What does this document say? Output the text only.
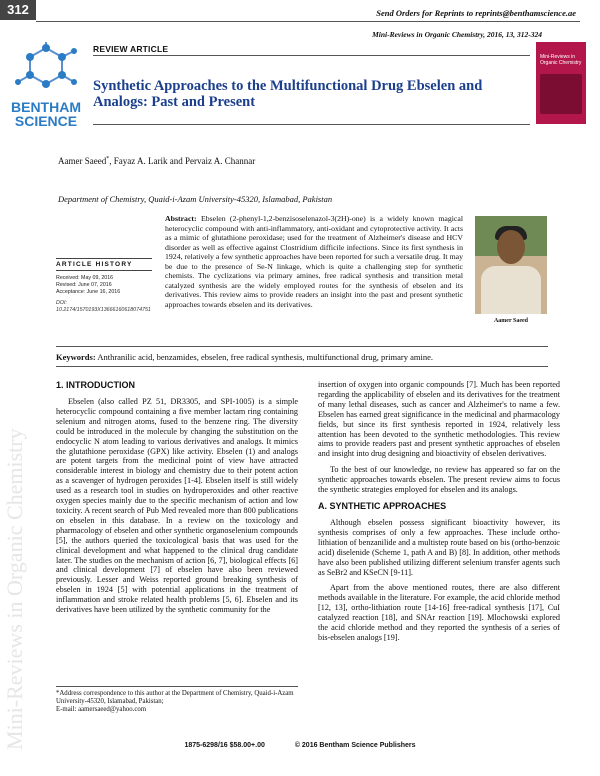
Mini-Reviews in Organic Chemistry
312	Send Orders for Reprints to reprints@benthamscience.ae
Mini-Reviews in Organic Chemistry, 2016, 13, 312-324
REVIEW ARTICLE
BENTHAM
SCIENCE
Mini-Reviews in Organic Chemistry
Synthetic Approaches to the Multifunctional Drug Ebselen and Analogs: Past and Present
Aamer Saeed*, Fayaz A. Larik and Pervaiz A. Channar
Department of Chemistry, Quaid-i-Azam University-45320, Islamabad, Pakistan
ARTICLE HISTORY
Received: May 09, 2016
Revised: June 07, 2016
Acceptance: June 16, 2016
DOI:
10.2174/1570193X13666160618074751
Abstract: Ebselen (2-phenyl-1,2-benzisoselenazol-3(2H)-one) is a widely known magical heterocyclic compound with anti-inflammatory, anti-oxidant and cytoprotective activity. It acts as a mimic of glutathione peroxidase; used for the treatment of Alzheimer's disease and HCV disorder as well as effective against Clostridium difficile infections. Since its first synthesis in 1924, relatively a few synthetic approaches have been reported for such a versatile drug. It may be due to the presence of Se-N linkage, which is quite a challenging step for synthetic chemists. The cyclizations via primary amines, free radical synthesis and transition metal catalyzed synthesis are the widely employed routes for the synthesis of ebselen and its derivatives. This review aims to provide readers an insight into the past and present synthetic approaches towards ebselen and its derivatives.
Aamer Saeed
Keywords: Anthranilic acid, benzamides, ebselen, free radical synthesis, multifunctional drug, primary amine.
1. INTRODUCTION

Ebselen (also called PZ 51, DR3305, and SPI-1005) is a simple heterocyclic compound containing a five member lactam ring containing selenium and nitrogen atoms, fused to the benzene ring. The diversity could be introduced in the molecule by changing the substitution on the endocyclic N atom leading to various derivatives and analogs. It mimics the glutathione peroxidase (GPX) like activity. Ebselen (1) and analogs are potent targets from the medicinal point of view have attracted considerable interest in biology and chemistry due to their potent action as a scavenger of hydrogen peroxides [1-4]. Ebselen itself is still widely used as a research tool in studies on hydroperoxides and other reactive oxygen species mainly due to the specific mechanism of action and low toxicity. A recent search of Pub Med revealed more than 800 publications on ebselen in this database. In a review on the toxicology and pharmacology of ebselen and other synthetic organoselenium compounds [5], the authors queried the toxicological basis that was used for the clinical development and what happened to the clinical drug candidate later. The studies on the mechanism of action [6, 7], biological effects [6] and clinical development [7] of ebselen have also been reviewed previously. Lesser and Weiss reported ground breaking synthesis of ebselen in 1924 [5] with potential applications in the treatment of inflammation and stroke related health problems [5, 6]. Ebselen and its derivatives have been utilized by the synthetic community for the

insertion of oxygen into organic compounds [7]. Much has been reported regarding the applicability of ebselen and its derivatives for the treatment of many lethal diseases, such as cancer and Alzheimer's to name a few. Ebselen has earned great significance in the medicinal and pharmacology fields, but since its first synthesis reported in 1924, relatively less attention has been devoted to the synthetic methodologies. This review aims to provide readers past and present synthetic approaches of ebselen and insight into drug designing and bioactivity of ebselen derivatives.

To the best of our knowledge, no review has appeared so far on the synthetic approaches towards ebselen. The present review aims to focus the synthetic strategies employed for ebselen and its analogs.

A. SYNTHETIC APPROACHES

Although ebselen possess significant bioactivity however, its synthesis comprises of only a few approaches. These include ortho-lithiation of benzanilide and a multistep route based on bis (ortho-benzoic acid) diselenide (Scheme 1, path A and B) [8]. In addition, other methods have also been published utilizing different selenium transfer agents such as SeBr2 and KSeCN [9-11].

Apart from the above mentioned routes, there are also different methods available in the literature. For example, the acid chloride method [12, 13], ortho-lithiation route [14-16] free-radical synthesis [17], CuI catalyzed reaction [18], and SNAr reaction [19]. Mlochowski explored the acid chloride method and they reported the synthesis of a series of bis-ebselen analogs [19].

*Address correspondence to this author at the Department of Chemistry, Quaid-i-Azam University-45320, Islamabad, Pakistan;
E-mail: aamersaeed@yahoo.com
1875-6298/16 $58.00+.00	© 2016 Bentham Science Publishers
